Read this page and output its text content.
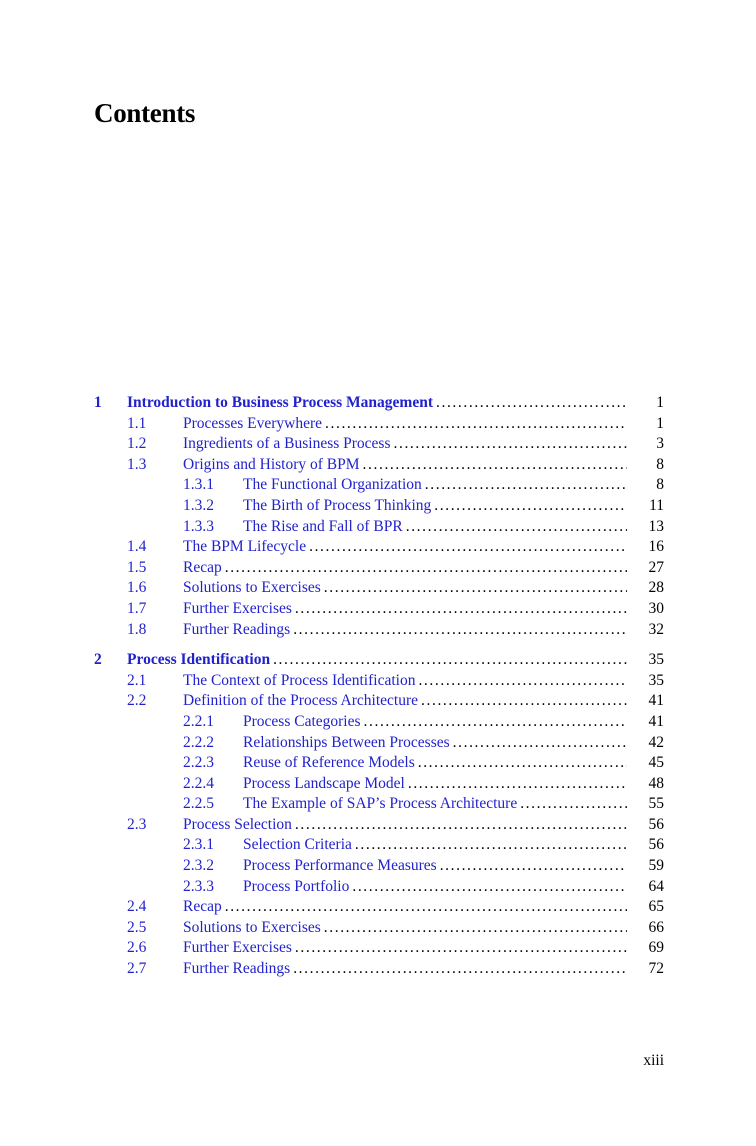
Contents
1 Introduction to Business Process Management .....	1
1.1 Processes Everywhere .....	1
1.2 Ingredients of a Business Process .....	3
1.3 Origins and History of BPM .....	8
1.3.1 The Functional Organization .....	8
1.3.2 The Birth of Process Thinking .....	11
1.3.3 The Rise and Fall of BPR .....	13
1.4 The BPM Lifecycle .....	16
1.5 Recap .....	27
1.6 Solutions to Exercises .....	28
1.7 Further Exercises .....	30
1.8 Further Readings .....	32
2 Process Identification .....	35
2.1 The Context of Process Identification .....	35
2.2 Definition of the Process Architecture .....	41
2.2.1 Process Categories .....	41
2.2.2 Relationships Between Processes .....	42
2.2.3 Reuse of Reference Models .....	45
2.2.4 Process Landscape Model .....	48
2.2.5 The Example of SAP’s Process Architecture .....	55
2.3 Process Selection .....	56
2.3.1 Selection Criteria .....	56
2.3.2 Process Performance Measures .....	59
2.3.3 Process Portfolio .....	64
2.4 Recap .....	65
2.5 Solutions to Exercises .....	66
2.6 Further Exercises .....	69
2.7 Further Readings .....	72
xiii
